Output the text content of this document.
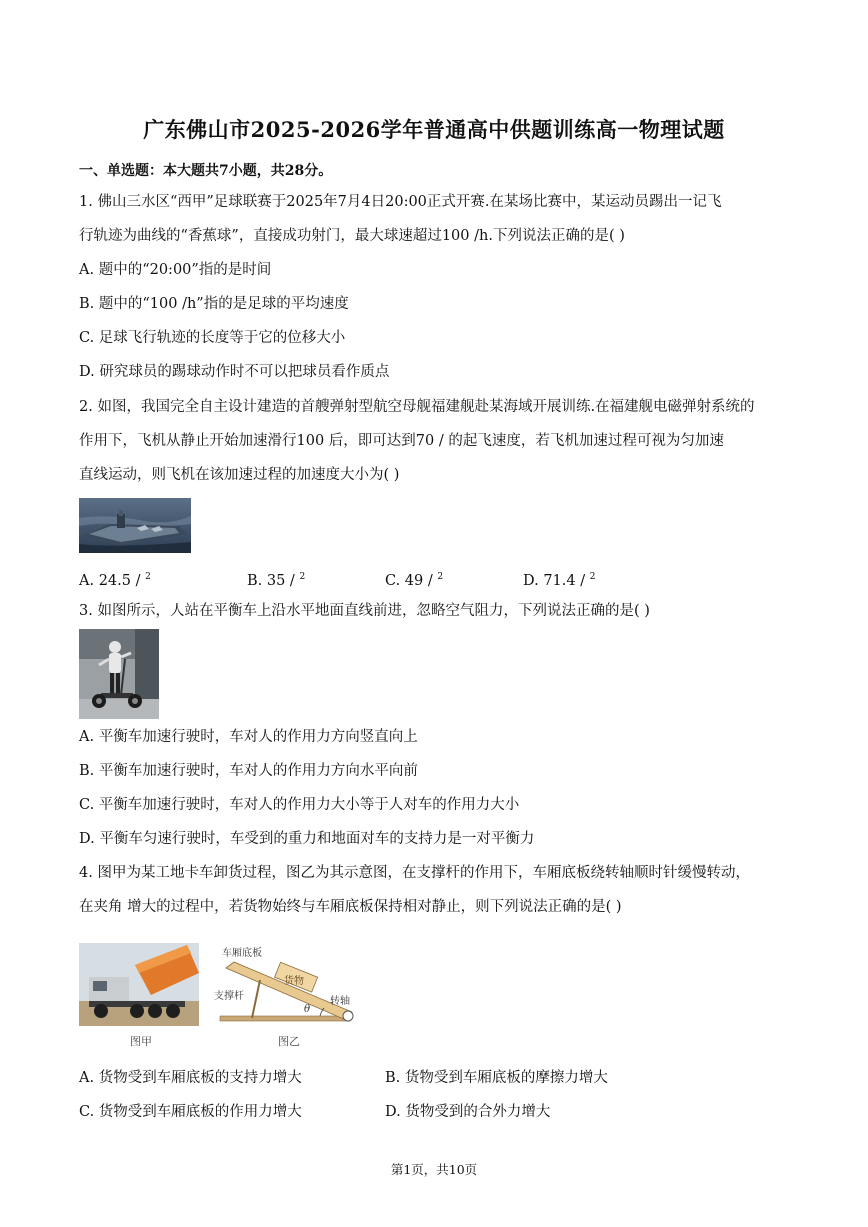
广东佛山市2025-2026学年普通高中供题训练高一物理试题
一、单选题：本大题共7小题，共28分。
1. 佛山三水区“西甲”足球联赛于2025年7月4日20:00正式开赛.在某场比赛中，某运动员踢出一记飞
行轨迹为曲线的“香蕉球”，直接成功射门，最大球速超过100 /h.下列说法正确的是( )
A. 题中的“20:00”指的是时间
B. 题中的“100 /h”指的是足球的平均速度
C. 足球飞行轨迹的长度等于它的位移大小
D. 研究球员的踢球动作时不可以把球员看作质点
2. 如图，我国完全自主设计建造的首艘弹射型航空母舰福建舰赴某海域开展训练.在福建舰电磁弹射系统的
作用下，飞机从静止开始加速滑行100 后，即可达到70 / 的起飞速度，若飞机加速过程可视为匀加速
直线运动，则飞机在该加速过程的加速度大小为( )
A. 24.5 / $^2$	B. 35 / $^2$	C. 49 / $^2$	D. 71.4 / $^2$
3. 如图所示，人站在平衡车上沿水平地面直线前进，忽略空气阻力，下列说法正确的是( )
A. 平衡车加速行驶时，车对人的作用力方向竖直向上
B. 平衡车加速行驶时，车对人的作用力方向水平向前
C. 平衡车加速行驶时，车对人的作用力大小等于人对车的作用力大小
D. 平衡车匀速行驶时，车受到的重力和地面对车的支持力是一对平衡力
4. 图甲为某工地卡车卸货过程，图乙为其示意图，在支撑杆的作用下，车厢底板绕转轴顺时针缓慢转动，
在夹角 增大的过程中，若货物始终与车厢底板保持相对静止，则下列说法正确的是( )
图甲
车厢底板
货物
支撑杆	转轴
θ
图乙
A. 货物受到车厢底板的支持力增大	B. 货物受到车厢底板的摩擦力增大
C. 货物受到车厢底板的作用力增大	D. 货物受到的合外力增大
第1页，共10页
